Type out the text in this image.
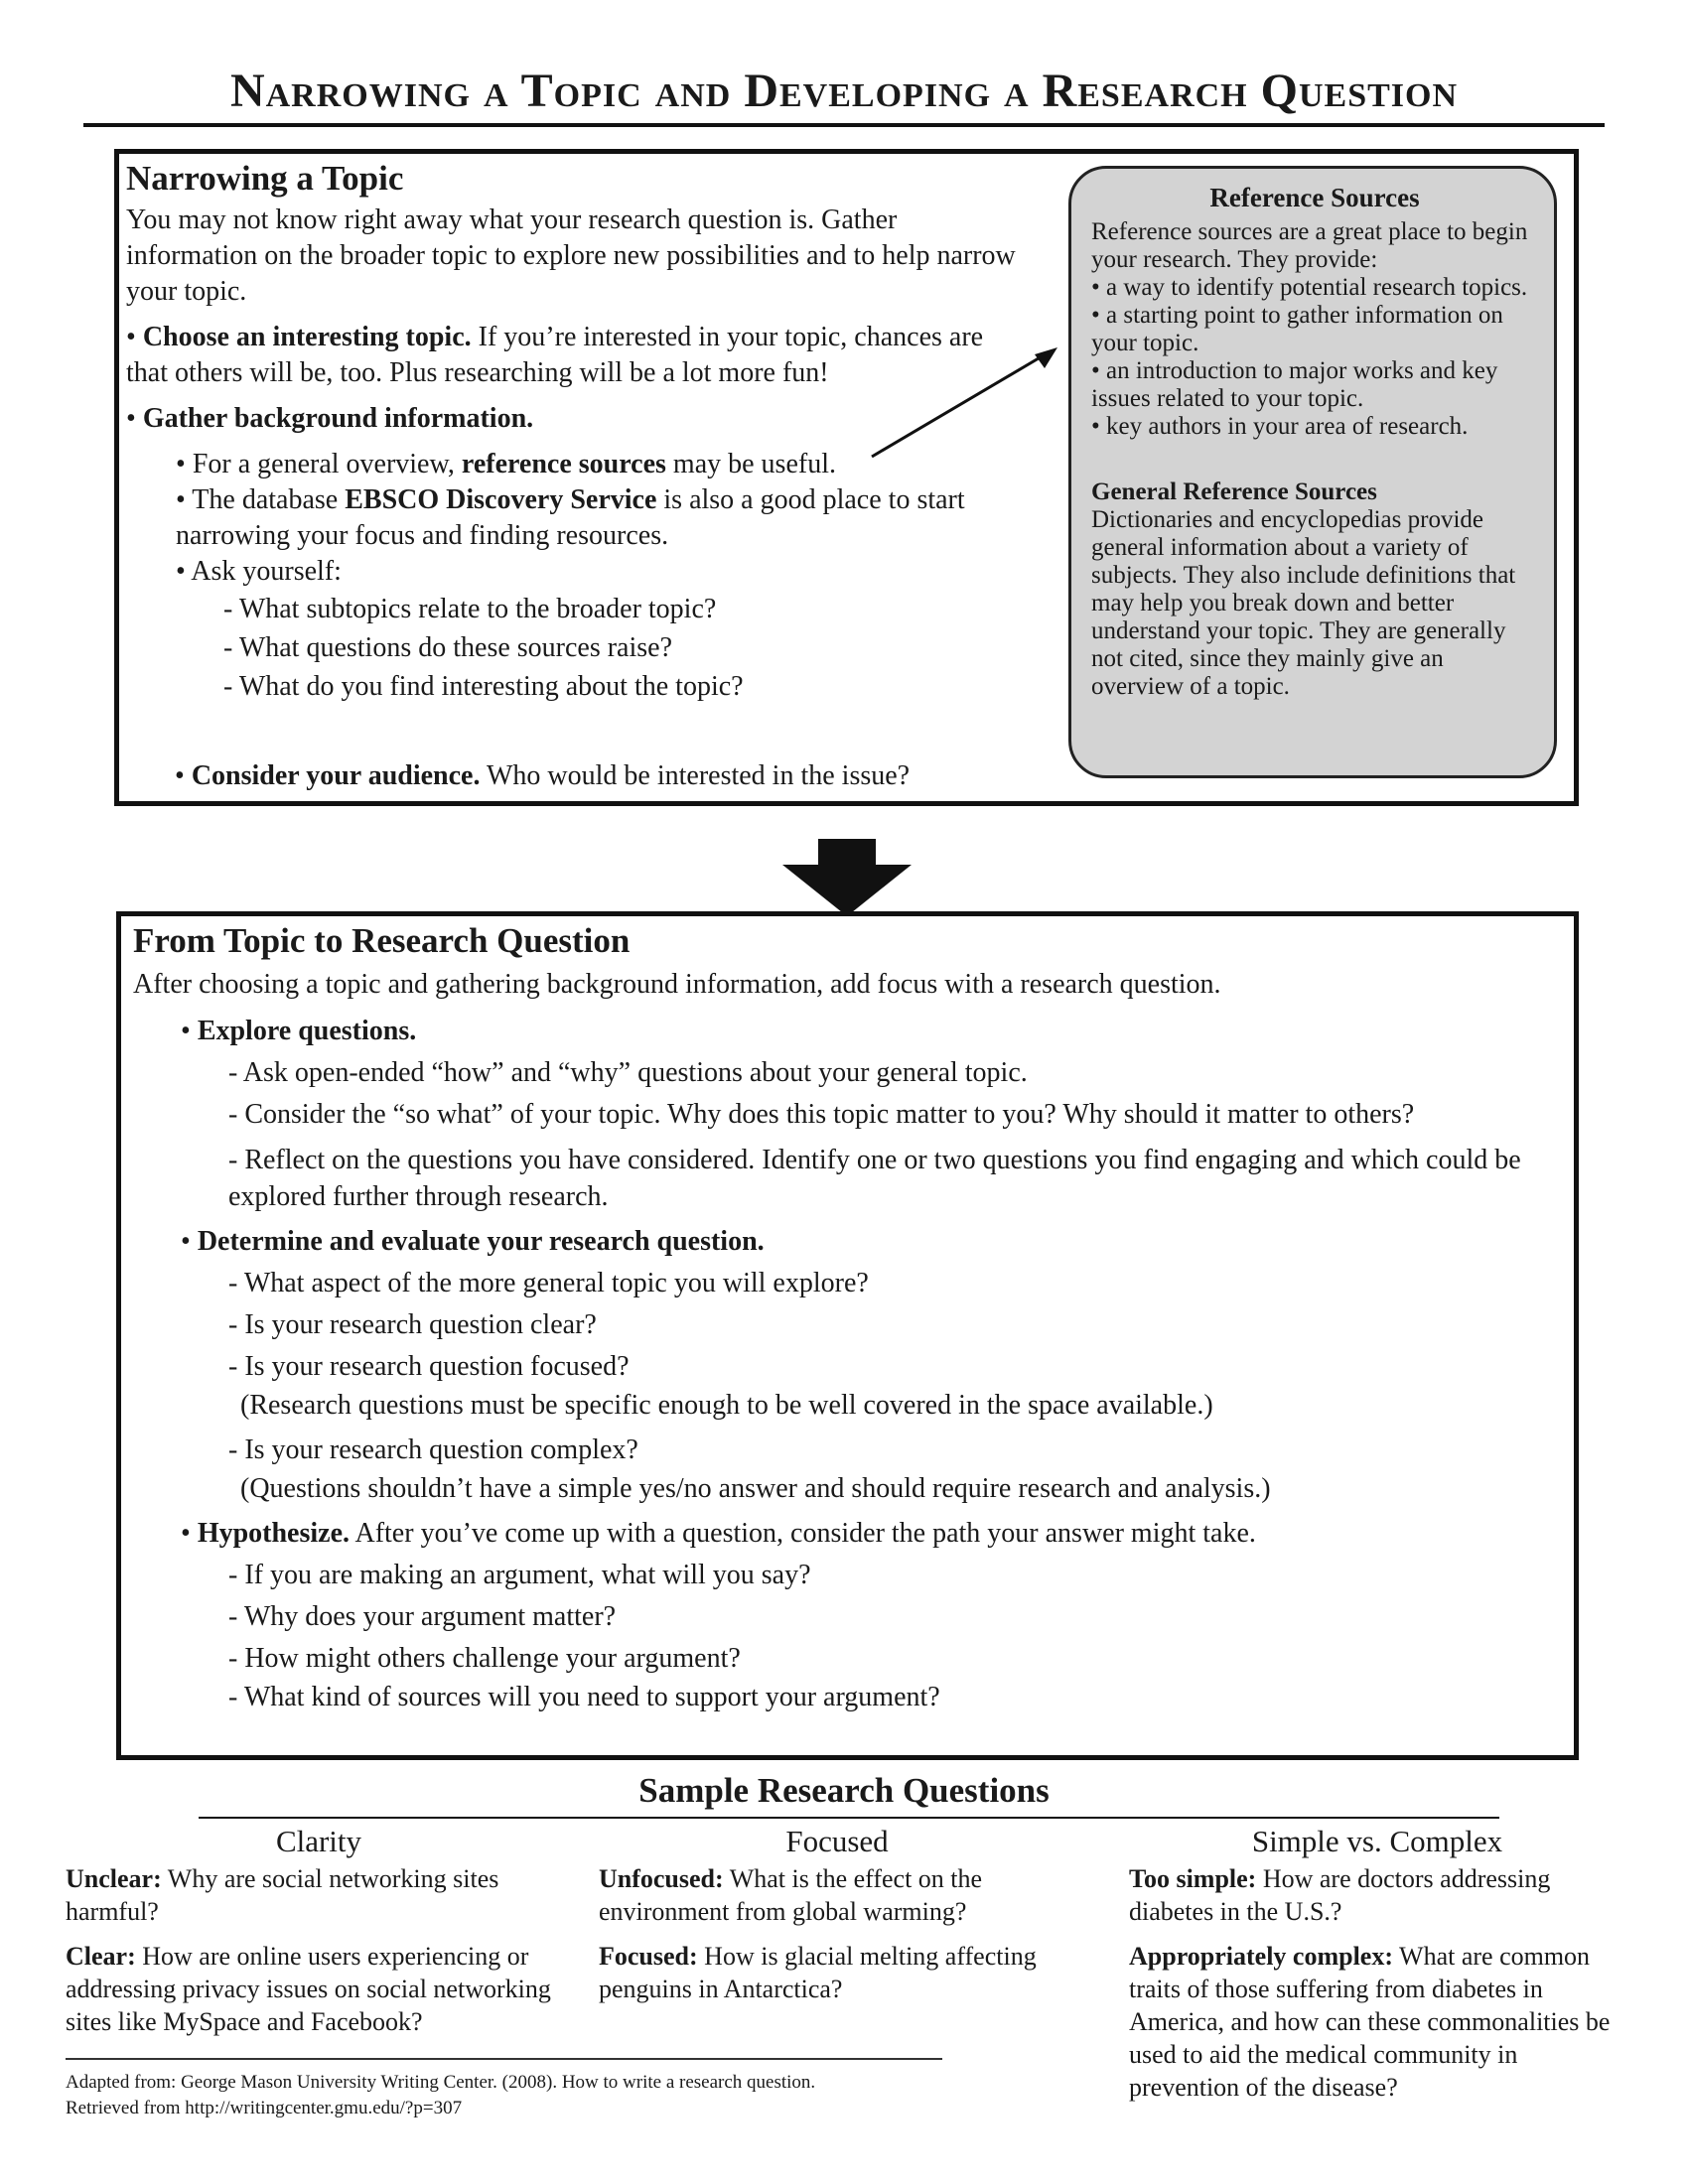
Narrowing a Topic and Developing a Research Question
Narrowing a Topic

You may not know right away what your research question is. Gather information on the broader topic to explore new possibilities and to help narrow your topic.

• Choose an interesting topic. If you’re interested in your topic, chances are that others will be, too. Plus researching will be a lot more fun!

• Gather background information.

• For a general overview, reference sources may be useful.

• The database EBSCO Discovery Service is also a good place to start narrowing your focus and finding resources.

• Ask yourself:

- What subtopics relate to the broader topic?

- What questions do these sources raise?

- What do you find interesting about the topic?

• Consider your audience. Who would be interested in the issue?

Reference Sources

Reference sources are a great place to begin your research. They provide:

• a way to identify potential research topics.

• a starting point to gather information on your topic.

• an introduction to major works and key issues related to your topic.

• key authors in your area of research.

General Reference Sources

Dictionaries and encyclopedias provide general information about a variety of subjects. They also include definitions that may help you break down and better understand your topic. They are generally not cited, since they mainly give an overview of a topic.

From Topic to Research Question

After choosing a topic and gathering background information, add focus with a research question.

• Explore questions.

- Ask open-ended “how” and “why” questions about your general topic.

- Consider the “so what” of your topic. Why does this topic matter to you? Why should it matter to others?

- Reflect on the questions you have considered. Identify one or two questions you find engaging and which could be explored further through research.

• Determine and evaluate your research question.

- What aspect of the more general topic you will explore?

- Is your research question clear?

- Is your research question focused?

(Research questions must be specific enough to be well covered in the space available.)

- Is your research question complex?

(Questions shouldn’t have a simple yes/no answer and should require research and analysis.)

• Hypothesize. After you’ve come up with a question, consider the path your answer might take.

- If you are making an argument, what will you say?

- Why does your argument matter?

- How might others challenge your argument?

- What kind of sources will you need to support your argument?

Sample Research Questions
Clarity

Unclear: Why are social networking sites harmful?

Clear: How are online users experiencing or addressing privacy issues on social networking sites like MySpace and Facebook?

Focused

Unfocused: What is the effect on the environment from global warming?

Focused: How is glacial melting affecting penguins in Antarctica?

Simple vs. Complex

Too simple: How are doctors addressing diabetes in the U.S.?

Appropriately complex: What are common traits of those suffering from diabetes in America, and how can these commonalities be used to aid the medical community in prevention of the disease?

Adapted from: George Mason University Writing Center. (2008). How to write a research question.
Retrieved from http://writingcenter.gmu.edu/?p=307
